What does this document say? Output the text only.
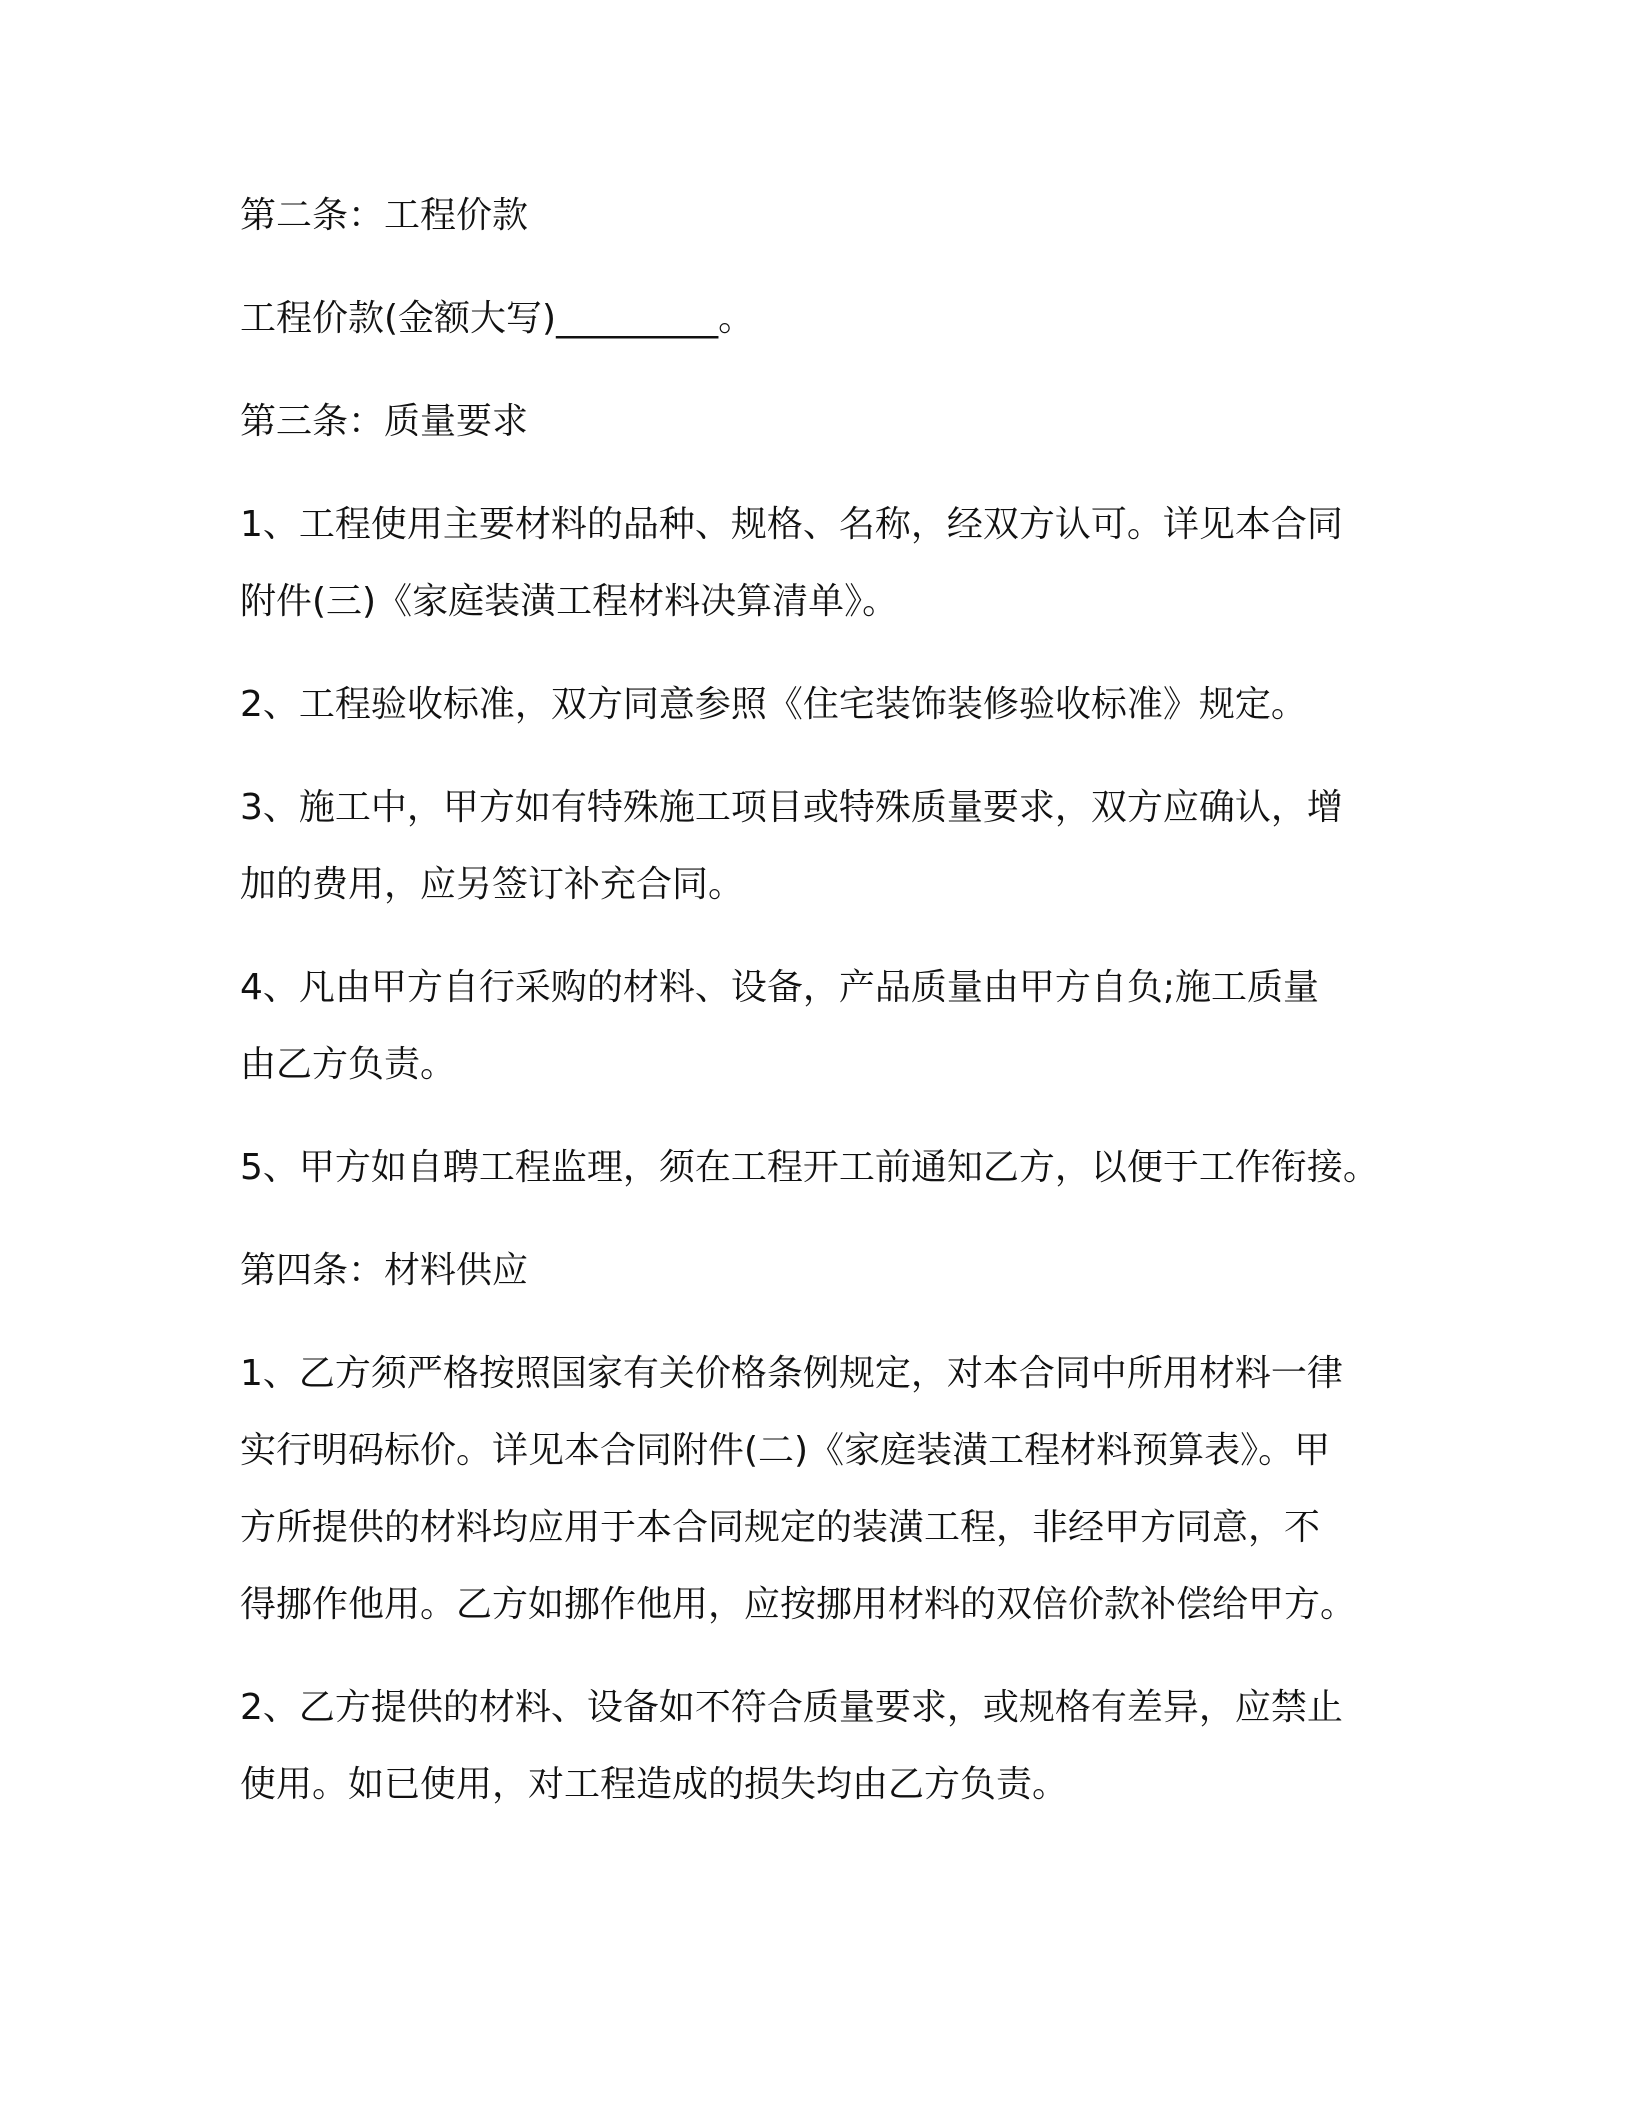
第二条：工程价款
工程价款(金额大写)_________。
第三条：质量要求
1、工程使用主要材料的品种、规格、名称，经双方认可。详见本合同
附件(三)《家庭装潢工程材料决算清单》。
2、工程验收标准，双方同意参照《住宅装饰装修验收标准》规定。
3、施工中，甲方如有特殊施工项目或特殊质量要求，双方应确认，增
加的费用，应另签订补充合同。
4、凡由甲方自行采购的材料、设备，产品质量由甲方自负;施工质量
由乙方负责。
5、甲方如自聘工程监理，须在工程开工前通知乙方，以便于工作衔接。
第四条：材料供应
1、乙方须严格按照国家有关价格条例规定，对本合同中所用材料一律
实行明码标价。详见本合同附件(二)《家庭装潢工程材料预算表》。甲
方所提供的材料均应用于本合同规定的装潢工程，非经甲方同意，不
得挪作他用。乙方如挪作他用，应按挪用材料的双倍价款补偿给甲方。
2、乙方提供的材料、设备如不符合质量要求，或规格有差异，应禁止
使用。如已使用，对工程造成的损失均由乙方负责。
